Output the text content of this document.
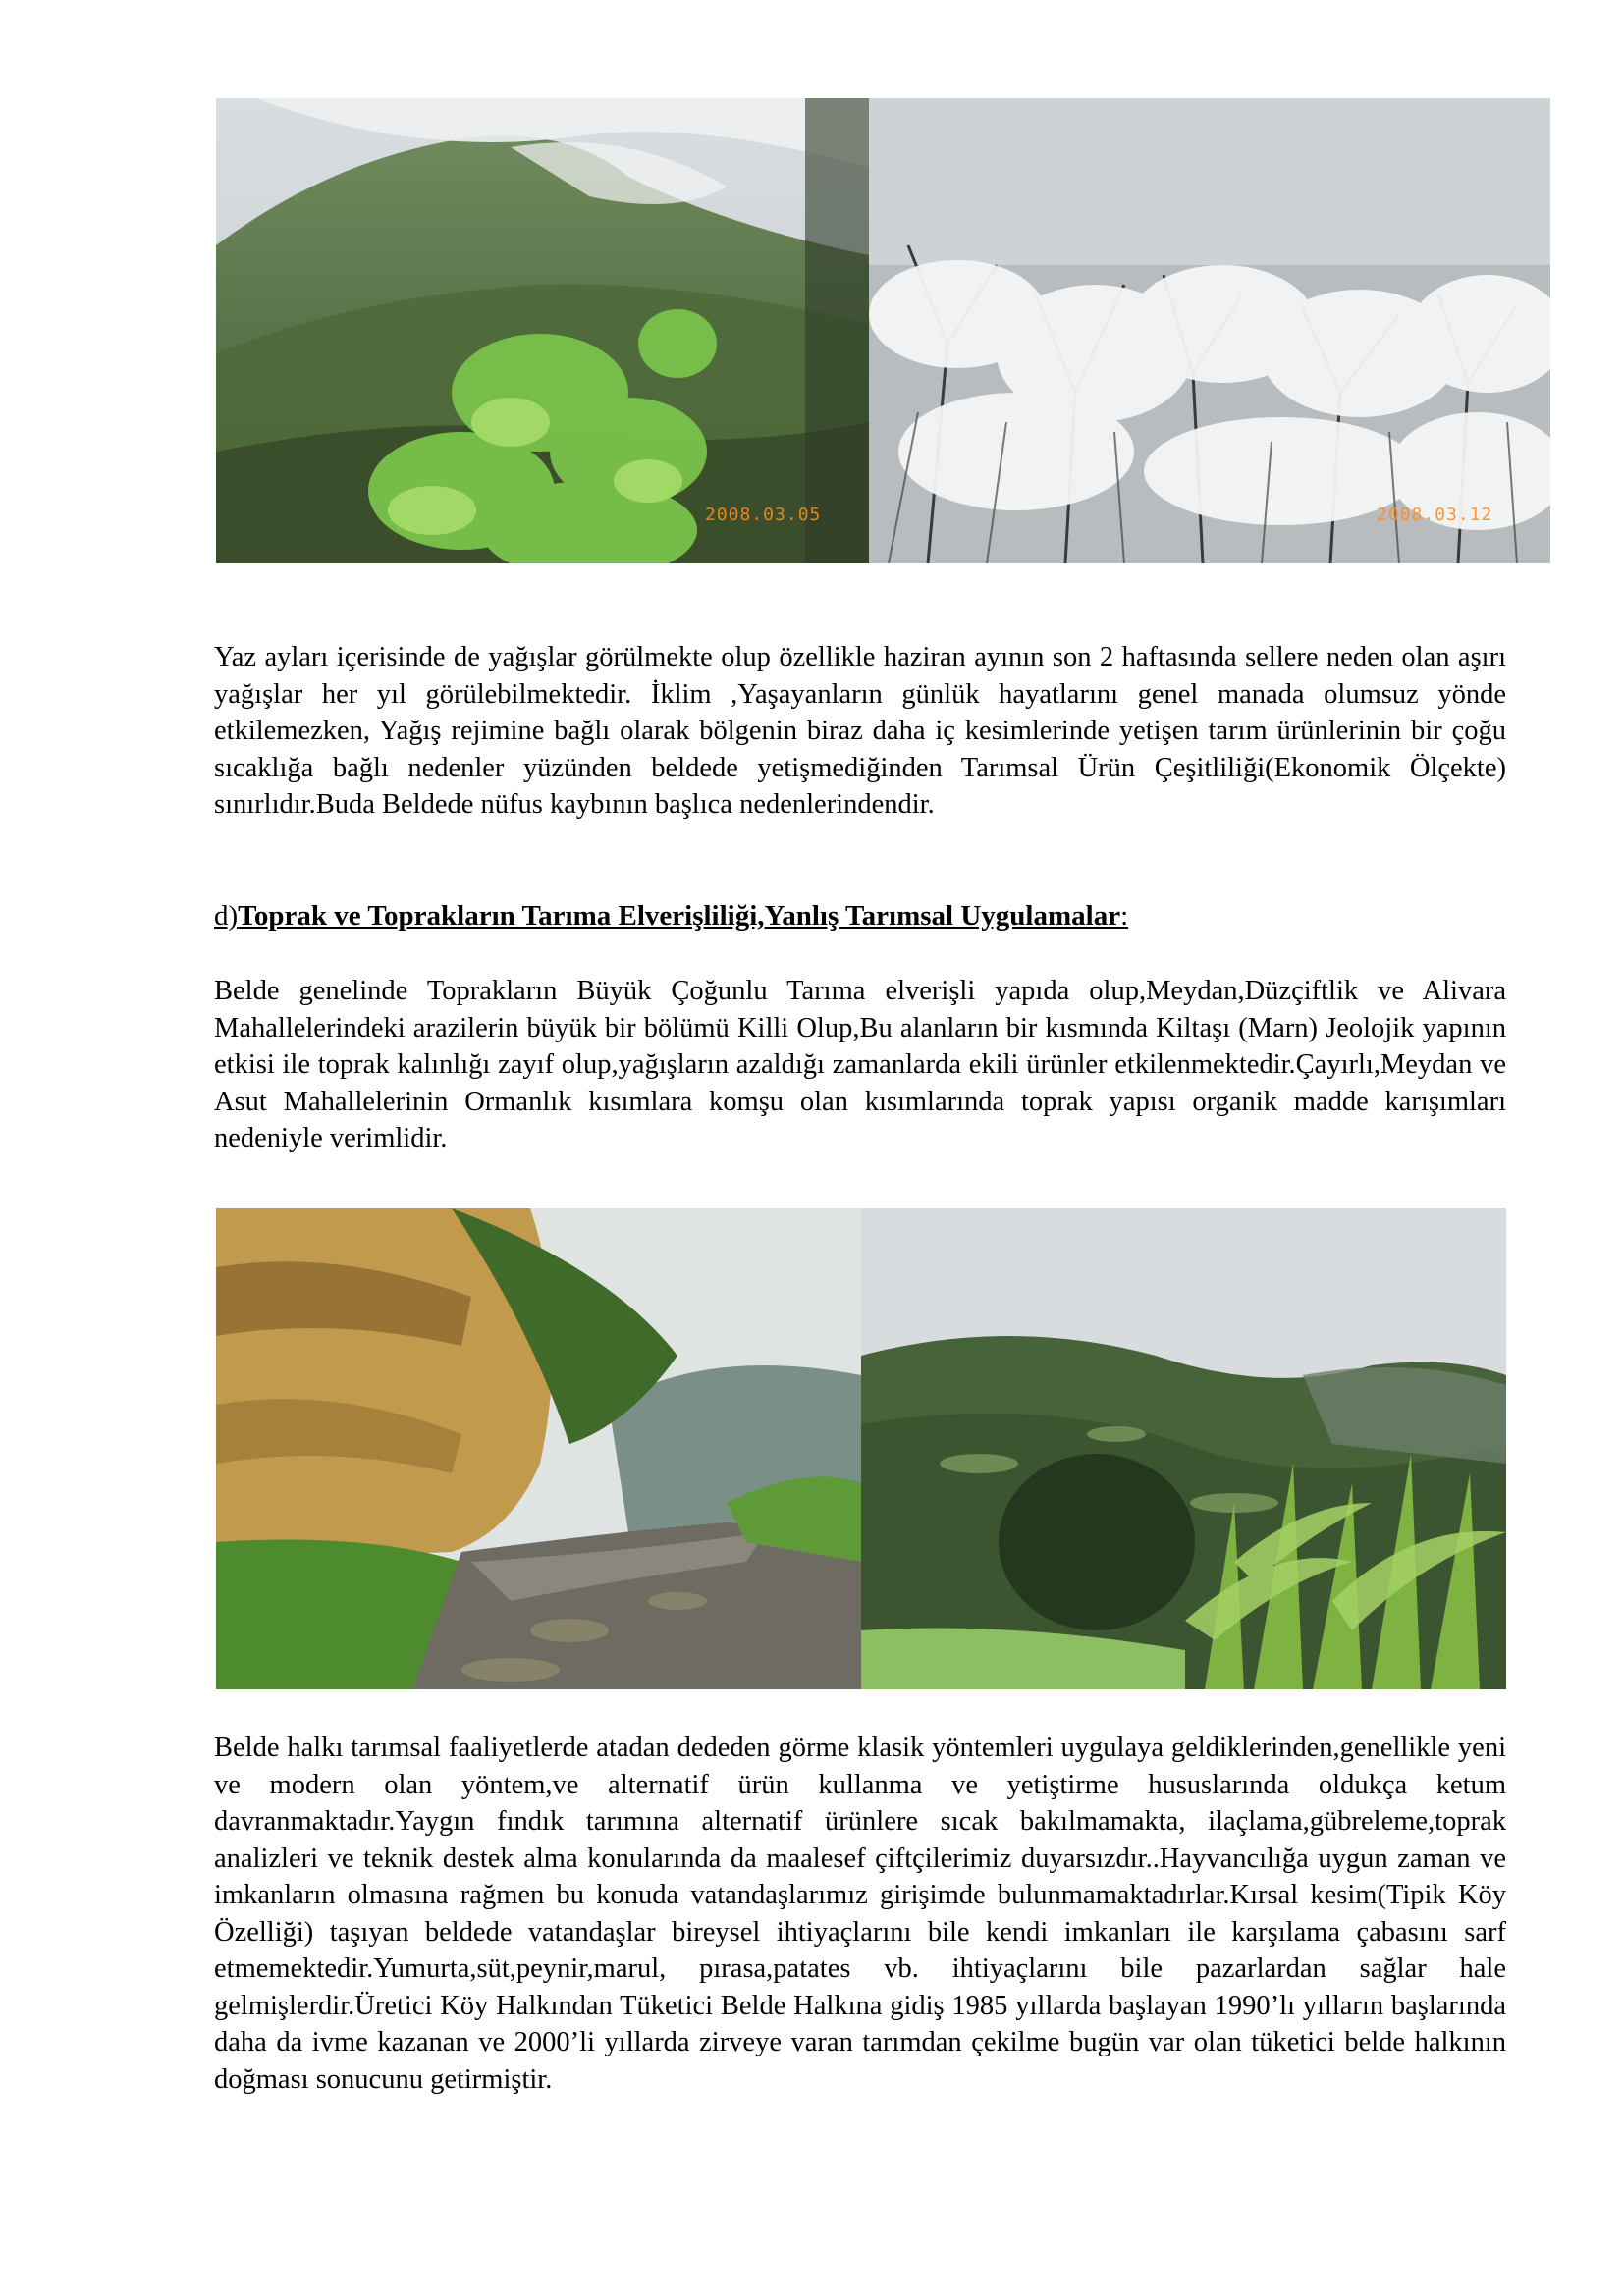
2008.03.05	2008.03.12

Yaz ayları içerisinde de yağışlar görülmekte olup özellikle haziran ayının son 2 haftasında sellere neden olan aşırı yağışlar her yıl görülebilmektedir. İklim ,Yaşayanların günlük hayatlarını genel manada olumsuz yönde etkilemezken, Yağış rejimine bağlı olarak bölgenin biraz daha iç kesimlerinde yetişen tarım ürünlerinin bir çoğu sıcaklığa bağlı nedenler yüzünden beldede yetişmediğinden Tarımsal Ürün Çeşitliliği(Ekonomik Ölçekte) sınırlıdır.Buda Beldede nüfus kaybının başlıca nedenlerindendir.

d)Toprak ve Toprakların Tarıma Elverişliliği,Yanlış Tarımsal Uygulamalar:

Belde genelinde Toprakların Büyük Çoğunlu Tarıma elverişli yapıda olup,Meydan,Düzçiftlik ve Alivara Mahallelerindeki arazilerin büyük bir bölümü Killi Olup,Bu alanların bir kısmında Kiltaşı (Marn) Jeolojik yapının etkisi ile toprak kalınlığı zayıf olup,yağışların azaldığı zamanlarda ekili ürünler etkilenmektedir.Çayırlı,Meydan ve Asut Mahallelerinin Ormanlık kısımlara komşu olan kısımlarında toprak yapısı organik madde karışımları nedeniyle verimlidir.

Belde halkı tarımsal faaliyetlerde atadan dededen görme klasik yöntemleri uygulaya geldiklerinden,genellikle yeni ve modern olan yöntem,ve alternatif ürün kullanma ve yetiştirme hususlarında oldukça ketum davranmaktadır.Yaygın fındık tarımına alternatif ürünlere sıcak bakılmamakta, ilaçlama,gübreleme,toprak analizleri ve teknik destek alma konularında da maalesef çiftçilerimiz duyarsızdır..Hayvancılığa uygun zaman ve imkanların olmasına rağmen bu konuda vatandaşlarımız girişimde bulunmamaktadırlar.Kırsal kesim(Tipik Köy Özelliği) taşıyan beldede vatandaşlar bireysel ihtiyaçlarını bile kendi imkanları ile karşılama çabasını sarf etmemektedir.Yumurta,süt,peynir,marul, pırasa,patates vb. ihtiyaçlarını bile pazarlardan sağlar hale gelmişlerdir.Üretici Köy Halkından Tüketici Belde Halkına gidiş 1985 yıllarda başlayan 1990’lı yılların başlarında daha da ivme kazanan ve 2000’li yıllarda zirveye varan tarımdan çekilme bugün var olan tüketici belde halkının doğması sonucunu getirmiştir.
